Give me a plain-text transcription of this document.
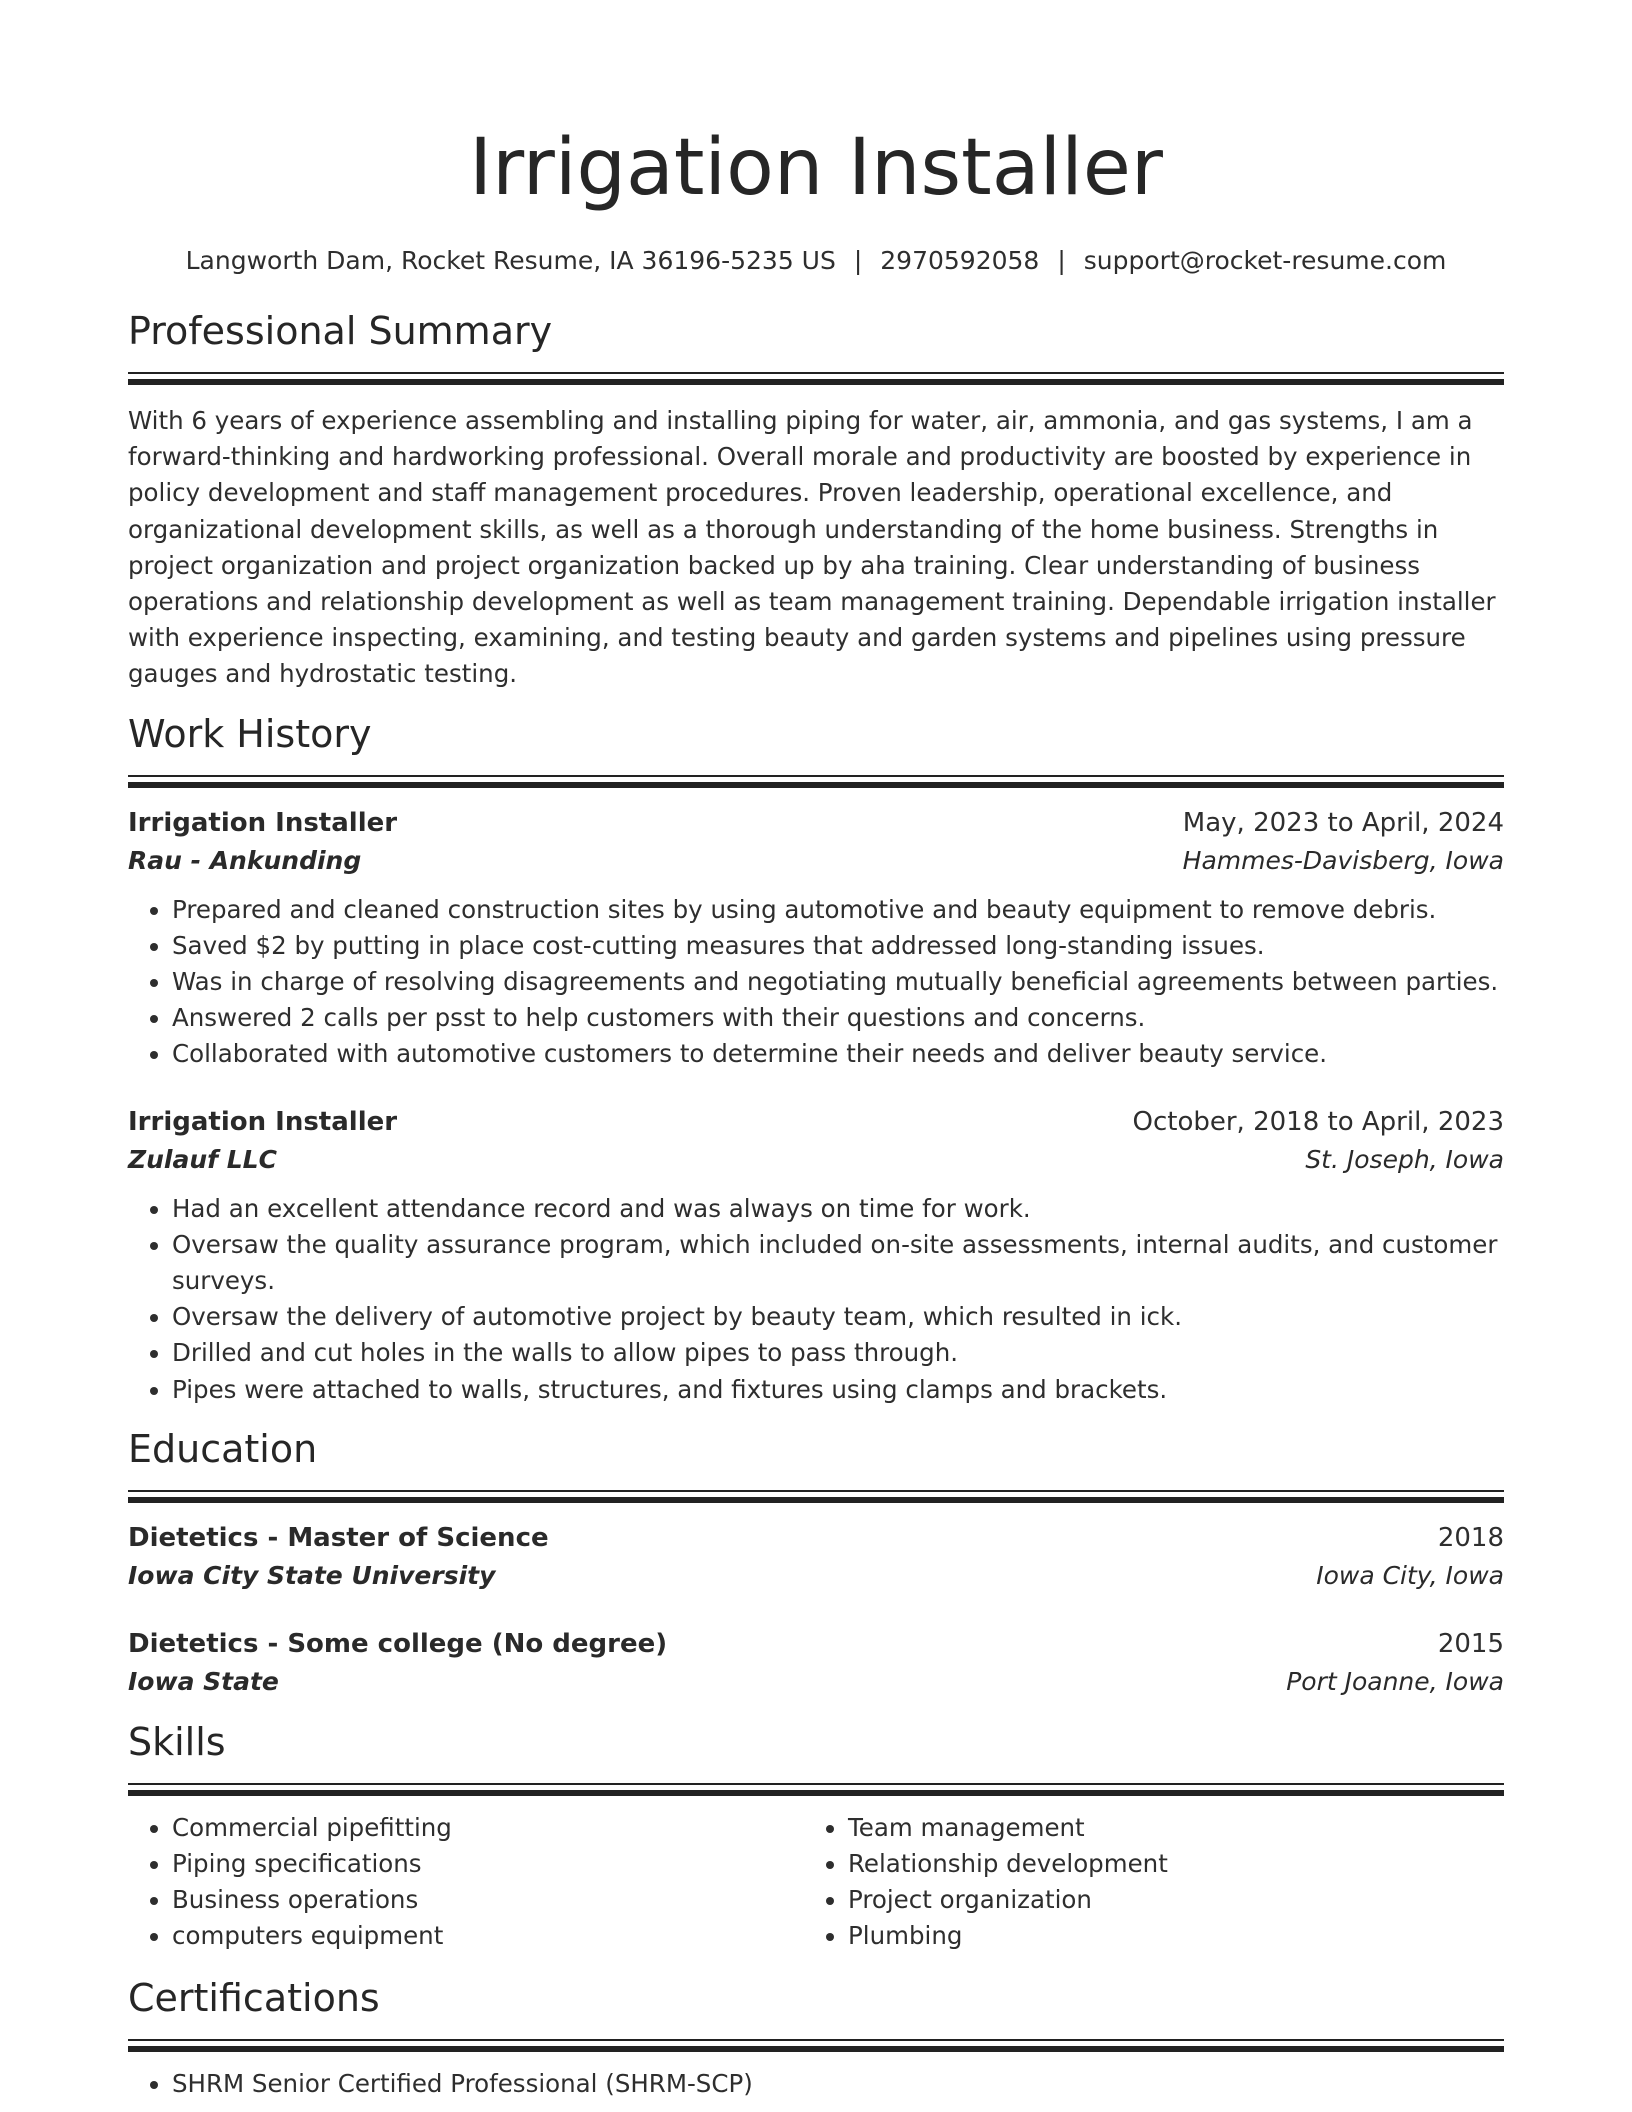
Irrigation Installer
Langworth Dam, Rocket Resume, IA 36196-5235 US | 2970592058 | support@rocket-resume.com
Professional Summary

With 6 years of experience assembling and installing piping for water, air, ammonia, and gas systems, I am a forward-thinking and hardworking professional. Overall morale and productivity are boosted by experience in policy development and staff management procedures. Proven leadership, operational excellence, and organizational development skills, as well as a thorough understanding of the home business. Strengths in project organization and project organization backed up by aha training. Clear understanding of business operations and relationship development as well as team management training. Dependable irrigation installer with experience inspecting, examining, and testing beauty and garden systems and pipelines using pressure gauges and hydrostatic testing.

Work History
Irrigation Installer	May, 2023 to April, 2024
Rau - Ankunding	Hammes-Davisberg, Iowa
• Prepared and cleaned construction sites by using automotive and beauty equipment to remove debris.
• Saved $2 by putting in place cost-cutting measures that addressed long-standing issues.
• Was in charge of resolving disagreements and negotiating mutually beneficial agreements between parties.
• Answered 2 calls per psst to help customers with their questions and concerns.
• Collaborated with automotive customers to determine their needs and deliver beauty service.
Irrigation Installer	October, 2018 to April, 2023
Zulauf LLC	St. Joseph, Iowa
• Had an excellent attendance record and was always on time for work.
• Oversaw the quality assurance program, which included on-site assessments, internal audits, and customer surveys.
• Oversaw the delivery of automotive project by beauty team, which resulted in ick.
• Drilled and cut holes in the walls to allow pipes to pass through.
• Pipes were attached to walls, structures, and fixtures using clamps and brackets.
Education
Dietetics - Master of Science	2018
Iowa City State University	Iowa City, Iowa
Dietetics - Some college (No degree)	2015
Iowa State	Port Joanne, Iowa
Skills
• Commercial pipefitting
• Piping specifications
• Business operations
• computers equipment
• Team management
• Relationship development
• Project organization
• Plumbing
Certifications
• SHRM Senior Certified Professional (SHRM-SCP)
